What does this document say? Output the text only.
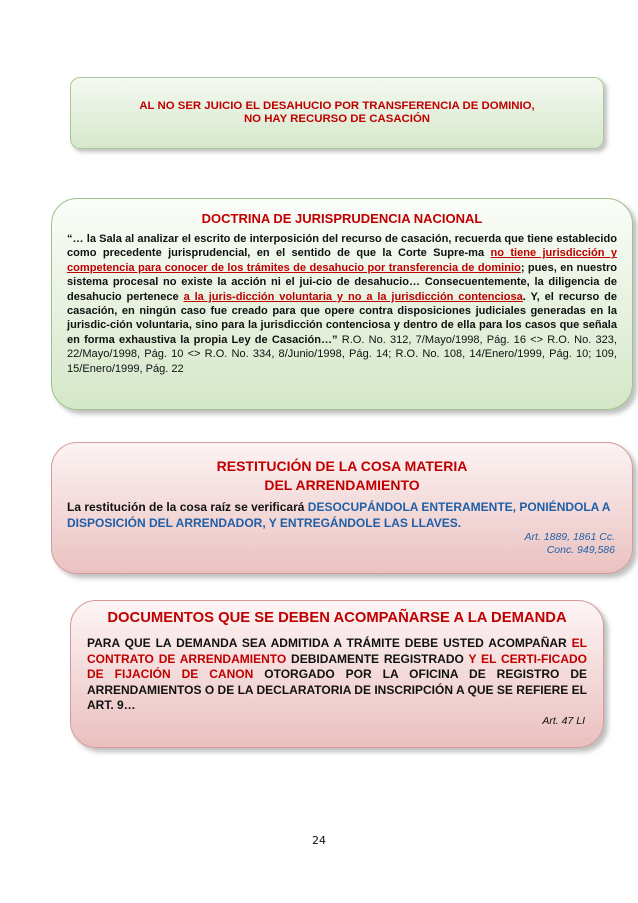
AL NO SER JUICIO EL DESAHUCIO POR TRANSFERENCIA DE DOMINIO,
NO HAY RECURSO DE CASACIÓN
DOCTRINA DE JURISPRUDENCIA NACIONAL
“… la Sala al analizar el escrito de interposición del recurso de casación, recuerda que tiene establecido como precedente jurisprudencial, en el sentido de que la Corte Supre-ma no tiene jurisdicción y competencia para conocer de los trámites de desahucio por transferencia de dominio; pues, en nuestro sistema procesal no existe la acción ni el jui-cio de desahucio… Consecuentemente, la diligencia de desahucio pertenece a la juris-dicción voluntaria y no a la jurisdicción contenciosa. Y, el recurso de casación, en ningún caso fue creado para que opere contra disposiciones judiciales generadas en la jurisdic-ción voluntaria, sino para la jurisdicción contenciosa y dentro de ella para los casos que señala en forma exhaustiva la propia Ley de Casación…” R.O. No. 312, 7/Mayo/1998, Pág. 16 <> R.O. No. 323, 22/Mayo/1998, Pág. 10 <> R.O. No. 334, 8/Junio/1998, Pág. 14; R.O. No. 108, 14/Enero/1999, Pág. 10; 109, 15/Enero/1999, Pág. 22
RESTITUCIÓN DE LA COSA MATERIA
DEL ARRENDAMIENTO
La restitución de la cosa raíz se verificará DESOCUPÁNDOLA ENTERAMENTE, PONIÉNDOLA A DISPOSICIÓN DEL ARRENDADOR, Y ENTREGÁNDOLE LAS LLAVES.
Art. 1889, 1861 Cc.
Conc. 949,586
DOCUMENTOS QUE SE DEBEN ACOMPAÑARSE A LA DEMANDA
PARA QUE LA DEMANDA SEA ADMITIDA A TRÁMITE DEBE USTED ACOMPAÑAR EL CONTRATO DE ARRENDAMIENTO DEBIDAMENTE REGISTRADO Y EL CERTI-FICADO DE FIJACIÓN DE CANON OTORGADO POR LA OFICINA DE REGISTRO DE ARRENDAMIENTOS O DE LA DECLARATORIA DE INSCRIPCIÓN A QUE SE REFIERE EL ART. 9…
Art. 47 LI
24
